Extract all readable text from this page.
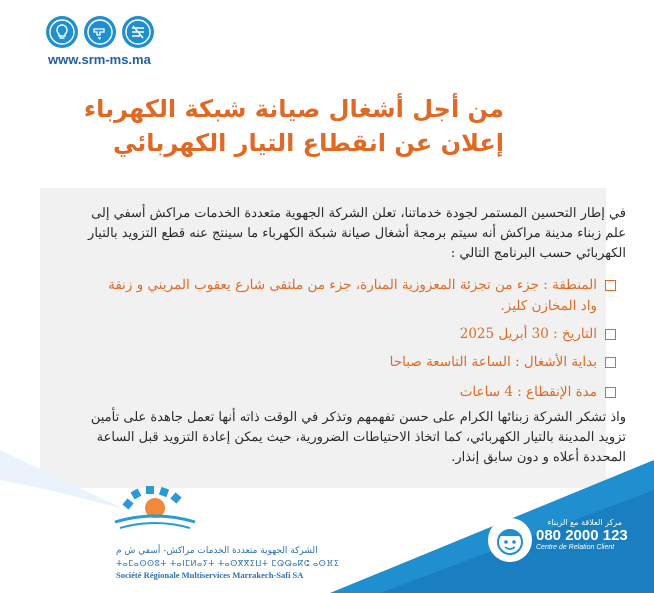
www.srm-ms.ma
من أجل أشغال صيانة شبكة الكهرباء
إعلان عن انقطاع التيار الكهربائي
في إطار التحسين المستمر لجودة خدماتنا، تعلن الشركة الجهوية متعددة الخدمات مراكش أسفي إلى علم زبناء مدينة مراكش أنه سيتم برمجة أشغال صيانة شبكة الكهرباء ما سينتج عنه قطع التزويد بالتيار الكهربائي حسب البرنامج التالي :
المنطقة : جزء من تجزئة المعزوزية المنارة، جزء من ملتقى شارع يعقوب المريني و زنقة واد المخازن كليز.
التاريخ : 30 أبريل 2025
بداية الأشغال : الساعة التاسعة صباحا
مدة الإنقطاع : 4 ساعات
واذ تشكر الشركة زبنائها الكرام على حسن تفهمهم وتذكر في الوقت ذاته أنها تعمل جاهدة على تأمين تزويد المدينة بالتيار الكهربائي، كما اتخاذ الاحتياطات الضرورية، حيث يمكن إعادة التزويد قبل الساعة المحددة أعلاه و دون سابق إنذار.
الشركة الجهوية متعددة الخدمات مراكش- أسفي ش م
ⵜⴰⵎⴰⵙⵙⵓⵜ ⵜⴰⵏⵎⵍⴰⵢⵜ ⵜⴰⵙⴳⴳⵉⵡⵜ ⵎⵕⵕⴰⴽⵛ ⴰⵙⴼⵉ
Société Régionale Multiservices Marrakech-Safi SA
مركز العلاقة مع الزبناء
080 2000 123
Centre de Relation Client
